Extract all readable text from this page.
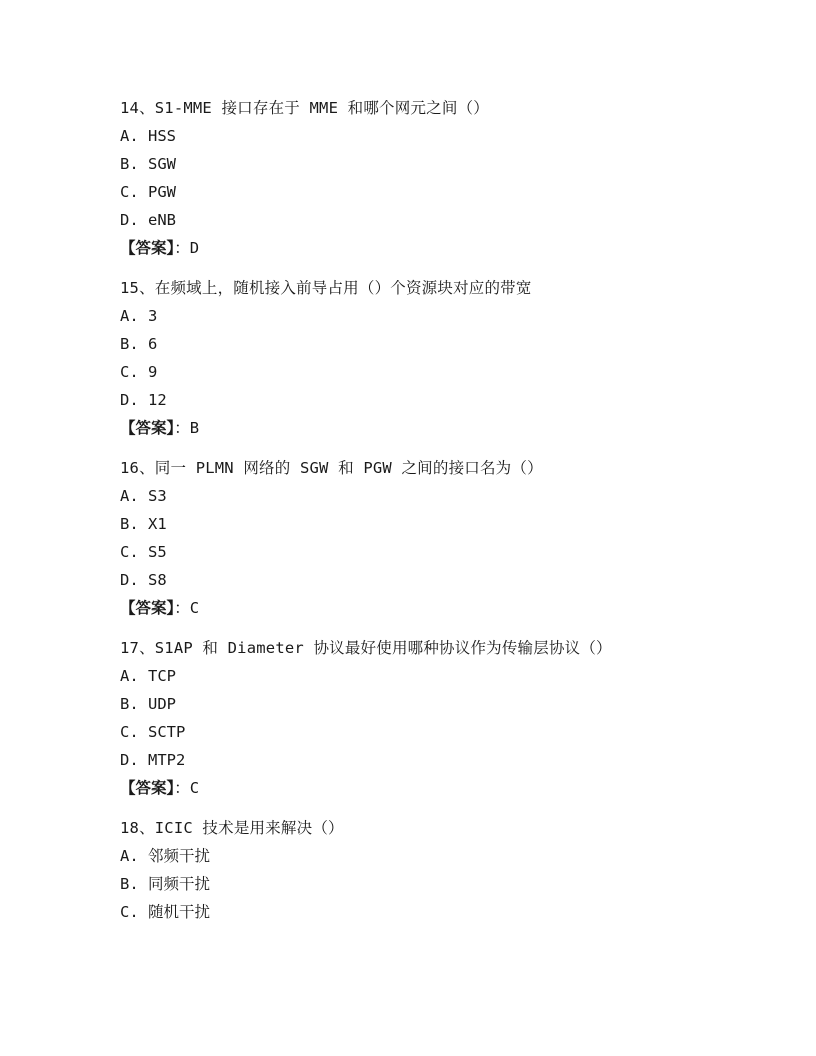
14、S1-MME 接口存在于 MME 和哪个网元之间（）
A. HSS
B. SGW
C. PGW
D. eNB
【答案】：D
15、在频域上，随机接入前导占用（）个资源块对应的带宽
A. 3
B. 6
C. 9
D. 12
【答案】：B
16、同一 PLMN 网络的 SGW 和 PGW 之间的接口名为（）
A. S3
B. X1
C. S5
D. S8
【答案】：C
17、S1AP 和 Diameter 协议最好使用哪种协议作为传输层协议（）
A. TCP
B. UDP
C. SCTP
D. MTP2
【答案】：C
18、ICIC 技术是用来解决（）
A. 邻频干扰
B. 同频干扰
C. 随机干扰
